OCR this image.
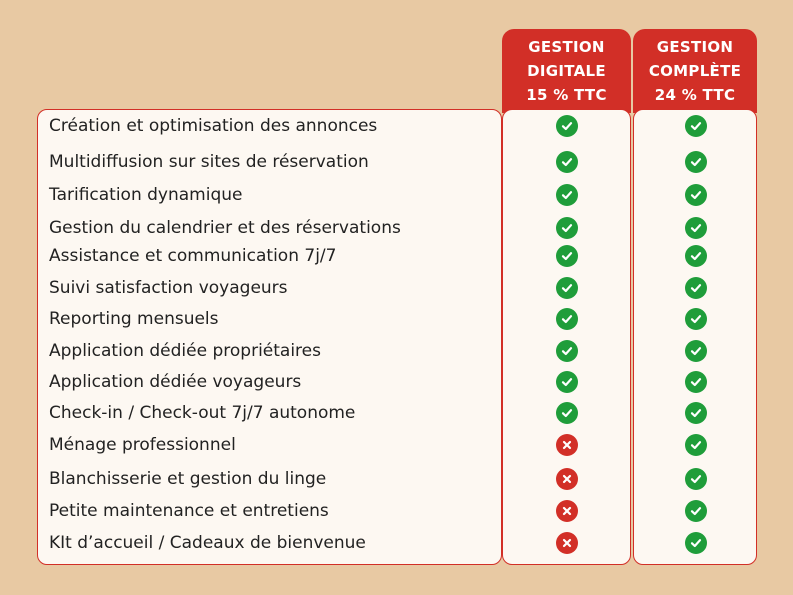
GESTION
DIGITALE
15 % TTC
GESTION
COMPLÈTE
24 % TTC
Création et optimisation des annonces
Multidiffusion sur sites de réservation
Tarification dynamique
Gestion du calendrier et des réservations
Assistance et communication 7j/7
Suivi satisfaction voyageurs
Reporting mensuels
Application dédiée propriétaires
Application dédiée voyageurs
Check-in / Check-out 7j/7 autonome
Ménage professionnel
Blanchisserie et gestion du linge
Petite maintenance et entretiens
KIt d’accueil / Cadeaux de bienvenue
